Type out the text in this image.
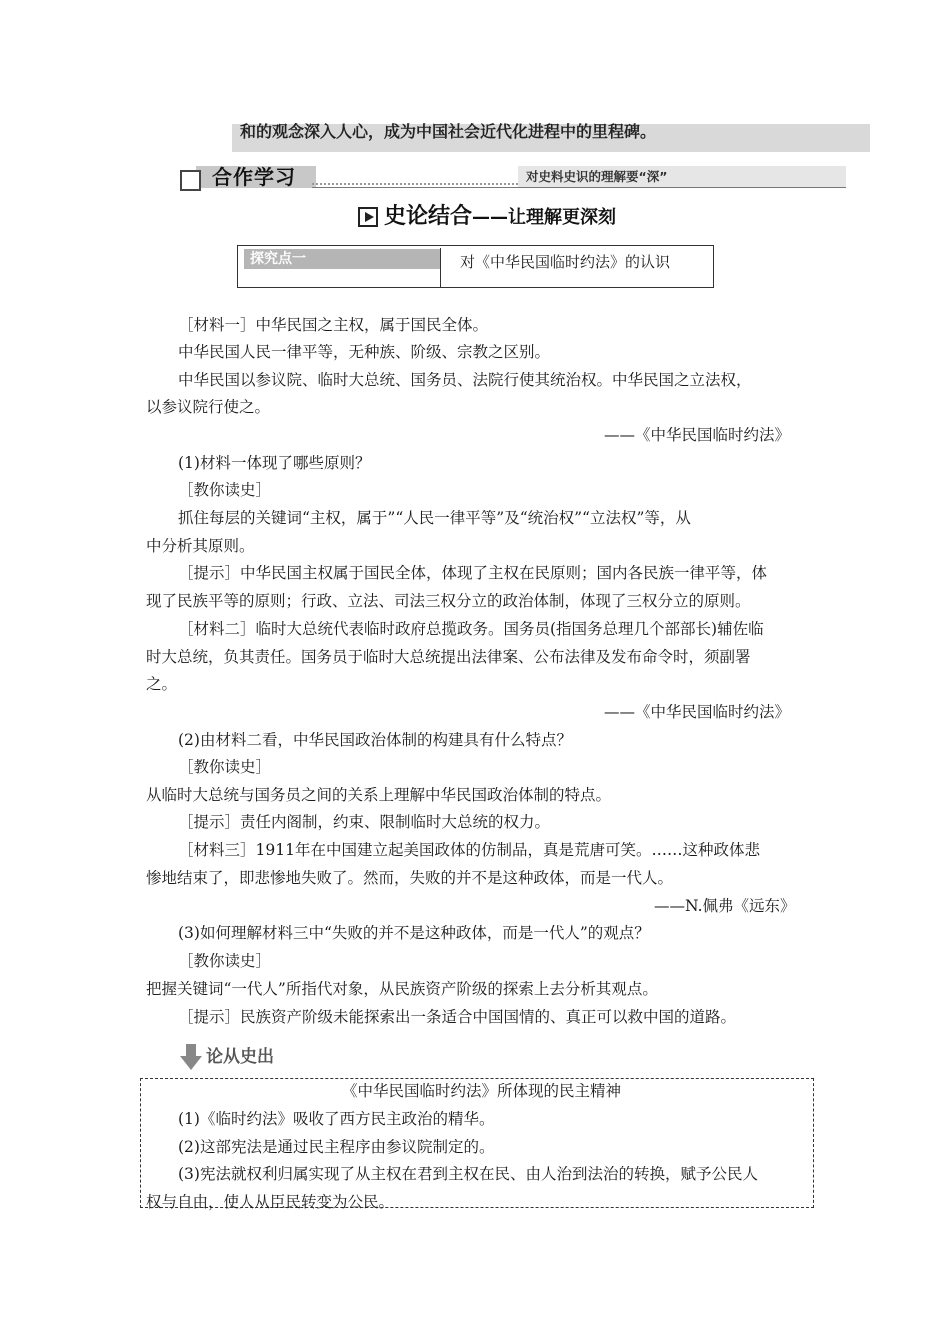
和的观念深入人心，成为中国社会近代化进程中的里程碑。
合作学习	对史料史识的理解要“深”
史论结合——让理解更深刻
探究点一	对《中华民国临时约法》的认识
［材料一］中华民国之主权，属于国民全体。
中华民国人民一律平等，无种族、阶级、宗教之区别。
中华民国以参议院、临时大总统、国务员、法院行使其统治权。中华民国之立法权，
以参议院行使之。
——《中华民国临时约法》
(1)材料一体现了哪些原则？
［教你读史］
抓住每层的关键词“主权，属于”“人民一律平等”及“统治权”“立法权”等，从
中分析其原则。
［提示］中华民国主权属于国民全体，体现了主权在民原则；国内各民族一律平等，体
现了民族平等的原则；行政、立法、司法三权分立的政治体制，体现了三权分立的原则。
［材料二］临时大总统代表临时政府总揽政务。国务员(指国务总理几个部部长)辅佐临
时大总统，负其责任。国务员于临时大总统提出法律案、公布法律及发布命令时，须副署
之。
——《中华民国临时约法》
(2)由材料二看，中华民国政治体制的构建具有什么特点？
［教你读史］
从临时大总统与国务员之间的关系上理解中华民国政治体制的特点。
［提示］责任内阁制，约束、限制临时大总统的权力。
［材料三］1911年在中国建立起美国政体的仿制品，真是荒唐可笑。……这种政体悲
惨地结束了，即悲惨地失败了。然而，失败的并不是这种政体，而是一代人。
——N.佩弗《远东》
(3)如何理解材料三中“失败的并不是这种政体，而是一代人”的观点？
［教你读史］
把握关键词“一代人”所指代对象，从民族资产阶级的探索上去分析其观点。
［提示］民族资产阶级未能探索出一条适合中国国情的、真正可以救中国的道路。
论从史出
《中华民国临时约法》所体现的民主精神
(1)《临时约法》吸收了西方民主政治的精华。
(2)这部宪法是通过民主程序由参议院制定的。
(3)宪法就权利归属实现了从主权在君到主权在民、由人治到法治的转换，赋予公民人
权与自由，使人从臣民转变为公民。
